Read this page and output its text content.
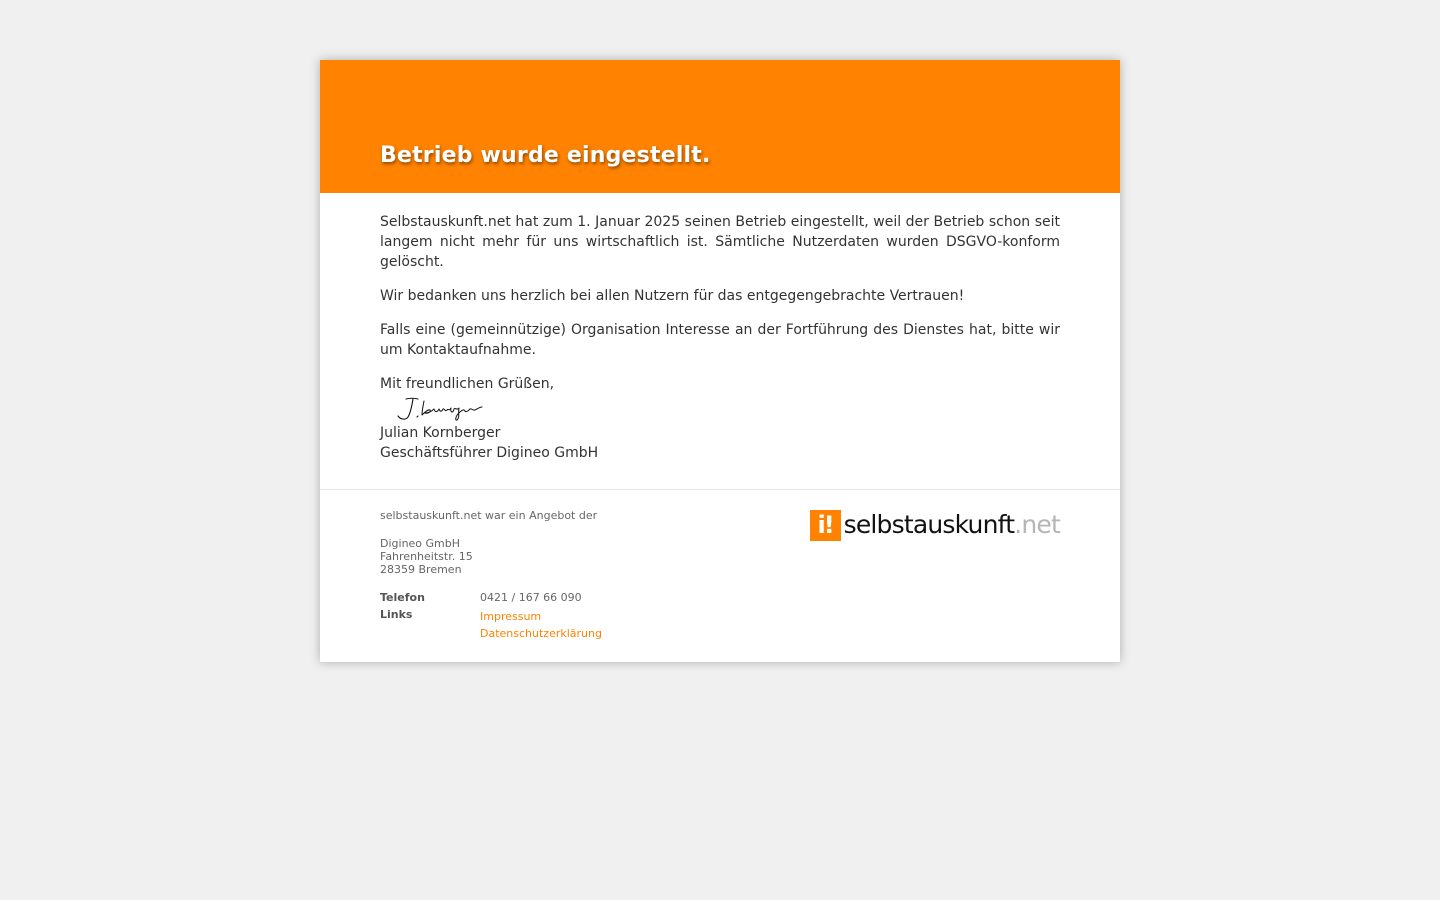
Betrieb wurde eingestellt.

Selbstauskunft.net hat zum 1. Januar 2025 seinen Betrieb eingestellt, weil der Betrieb schon seit langem nicht mehr für uns wirtschaftlich ist. Sämtliche Nutzerdaten wurden DSGVO-konform gelöscht.

Wir bedanken uns herzlich bei allen Nutzern für das entgegengebrachte Vertrauen!

Falls eine (gemeinnützige) Organisation Interesse an der Fortführung des Dienstes hat, bitte wir um Kontaktaufnahme.

Mit freundlichen Grüßen,

Julian Kornberger
Geschäftsführer Digineo GmbH

selbstauskunft.net war ein Angebot der

Digineo GmbH
Fahrenheitstr. 15
28359 Bremen
Telefon	0421 / 167 66 090
Links	Impressum
Datenschutzerklärung
i! selbstauskunft .net
